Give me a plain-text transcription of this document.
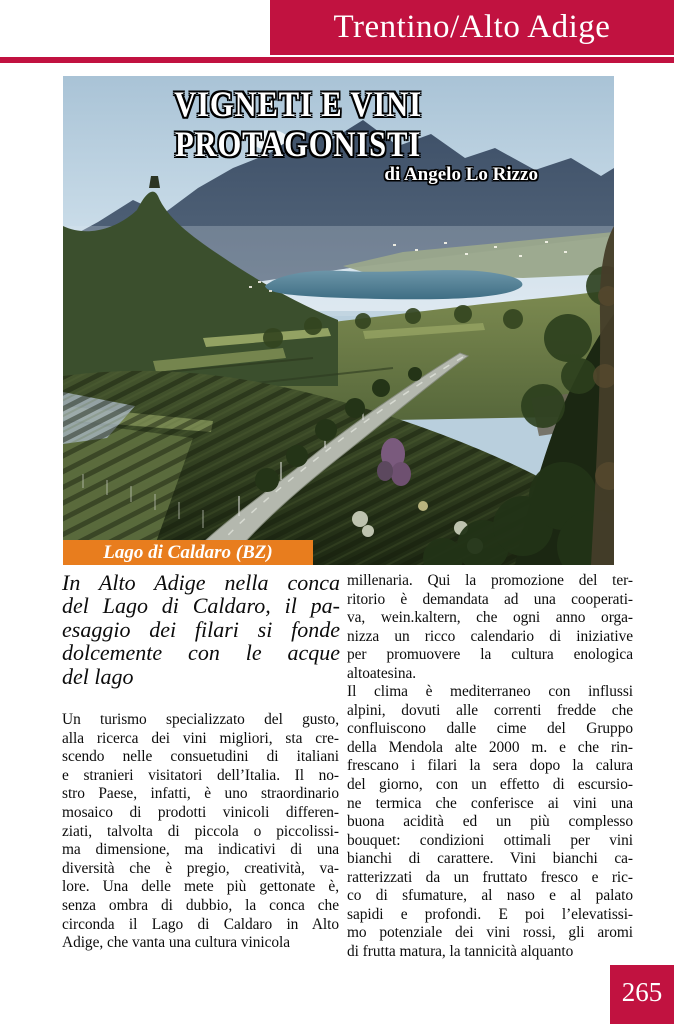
Trentino/Alto Adige
VIGNETI E VINI
PROTAGONISTI
di Angelo Lo Rizzo
Lago di Caldaro (BZ)
In Alto Adige nella conca
del Lago di Caldaro, il pa-
esaggio dei filari si fonde
dolcemente con le acque
del lago
Un turismo specializzato del gusto,
alla ricerca dei vini migliori, sta cre-
scendo nelle consuetudini di italiani
e stranieri visitatori dell’Italia. Il no-
stro Paese, infatti, è uno straordinario
mosaico di prodotti vinicoli differen-
ziati, talvolta di piccola o piccolissi-
ma dimensione, ma indicativi di una
diversità che è pregio, creatività, va-
lore. Una delle mete più gettonate è,
senza ombra di dubbio, la conca che
circonda il Lago di Caldaro in Alto
Adige, che vanta una cultura vinicola
millenaria. Qui la promozione del ter-
ritorio è demandata ad una cooperati-
va, wein.kaltern, che ogni anno orga-
nizza un ricco calendario di iniziative
per promuovere la cultura enologica
altoatesina.
Il clima è mediterraneo con influssi
alpini, dovuti alle correnti fredde che
confluiscono dalle cime del Gruppo
della Mendola alte 2000 m. e che rin-
frescano i filari la sera dopo la calura
del giorno, con un effetto di escursio-
ne termica che conferisce ai vini una
buona acidità ed un più complesso
bouquet: condizioni ottimali per vini
bianchi di carattere. Vini bianchi ca-
ratterizzati da un fruttato fresco e ric-
co di sfumature, al naso e al palato
sapidi e profondi. E poi l’elevatissi-
mo potenziale dei vini rossi, gli aromi
di frutta matura, la tannicità alquanto
265
